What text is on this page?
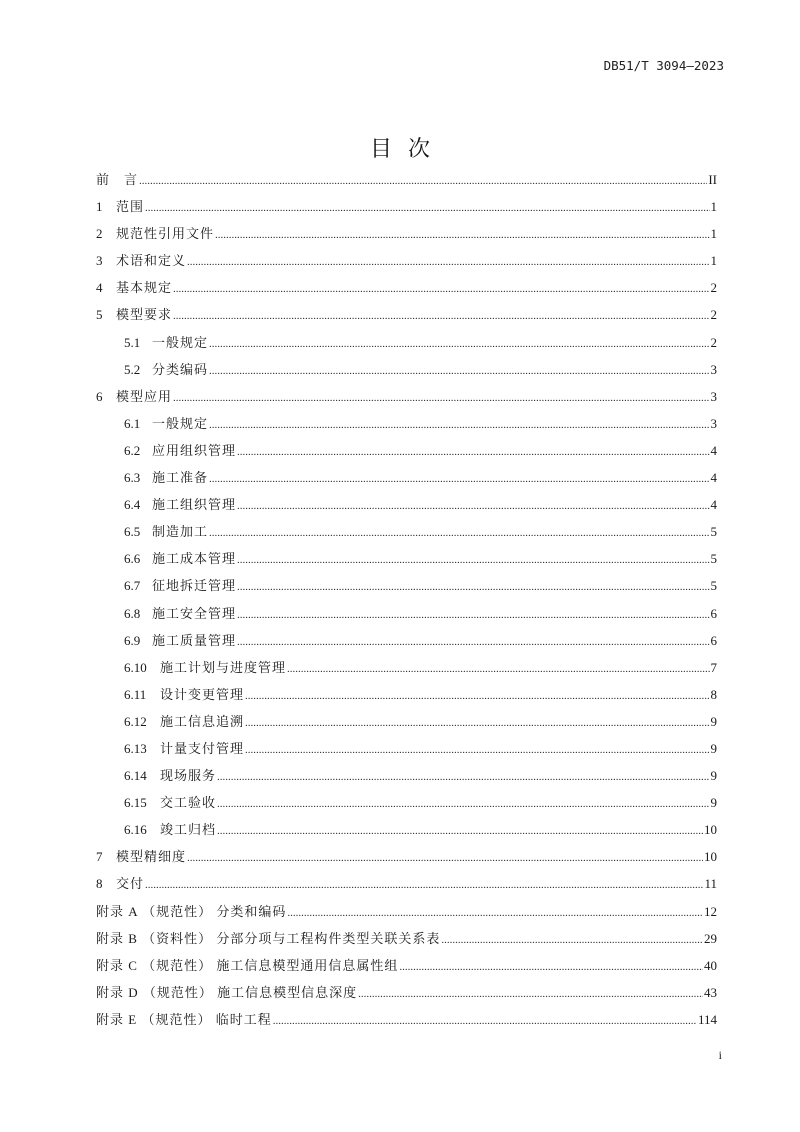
DB51/T 3094—2023
目次
前　言 .....	II
1	范围 .....	1
2	规范性引用文件 .....	1
3	术语和定义 .....	1
4	基本规定 .....	2
5	模型要求 .....	2
5.1 一般规定 .....	2
5.2 分类编码 .....	3
6	模型应用 .....	3
6.1 一般规定 .....	3
6.2 应用组织管理 .....	4
6.3 施工准备 .....	4
6.4 施工组织管理 .....	4
6.5 制造加工 .....	5
6.6 施工成本管理 .....	5
6.7 征地拆迁管理 .....	5
6.8 施工安全管理 .....	6
6.9 施工质量管理 .....	6
6.10	施工计划与进度管理 .....	7
6.11	设计变更管理 .....	8
6.12	施工信息追溯 .....	9
6.13	计量支付管理 .....	9
6.14	现场服务 .....	9
6.15	交工验收 .....	9
6.16	竣工归档 .....	10
7	模型精细度 .....	10
8	交付 .....	11
附录 A （规范性） 分类和编码 .....	12
附录 B （资料性） 分部分项与工程构件类型关联关系表 .....	29
附录 C （规范性） 施工信息模型通用信息属性组 .....	40
附录 D （规范性） 施工信息模型信息深度 .....	43
附录 E （规范性） 临时工程 .....	114
i
